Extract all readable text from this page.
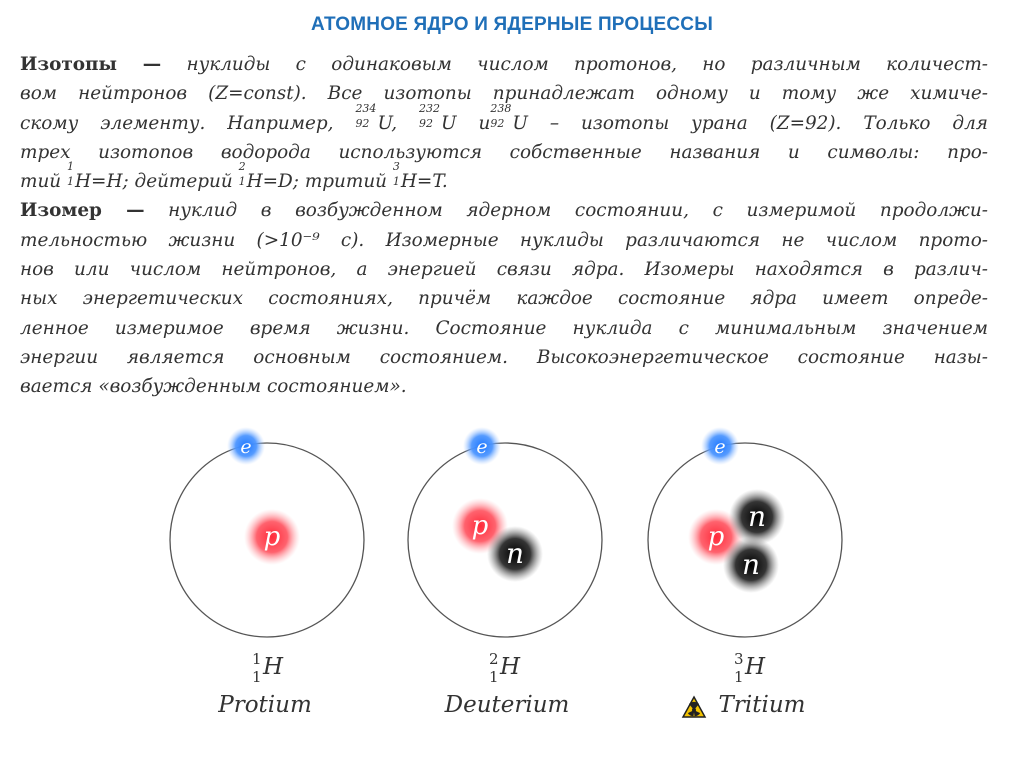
АТОМНОЕ ЯДРО И ЯДЕРНЫЕ ПРОЦЕССЫ
Изотопы — нуклиды с одинаковым числом протонов, но различным количест-
вом нейтронов (Z=const). Все изотопы принадлежат одному и тому же химиче-
скому элементу. Например,
234
92 U,
232
92 U и
238
92 U – изотопы урана (Z=92). Только для
трех изотопов водорода используются собственные названия и символы: про-
тий
1
1 H=H; дейтерий
2
1 H=D; тритий
3
1 H=T.
Изомер — нуклид в возбужденном ядерном состоянии, с измеримой продолжи-
тельностью жизни (>10⁻⁹ с). Изомерные нуклиды различаются не числом прото-
нов или числом нейтронов, а энергией связи ядра. Изомеры находятся в различ-
ных энергетических состояниях, причём каждое состояние ядра имеет опреде-
ленное измеримое время жизни. Состояние нуклида с минимальным значением
энергии является основным состоянием. Высокоэнергетическое состояние назы-
вается «возбужденным состоянием».
e
p
e
p
n
e
p
n
n
1
1 H
Protium
2
1 H
Deuterium
3
1 H
Tritium
